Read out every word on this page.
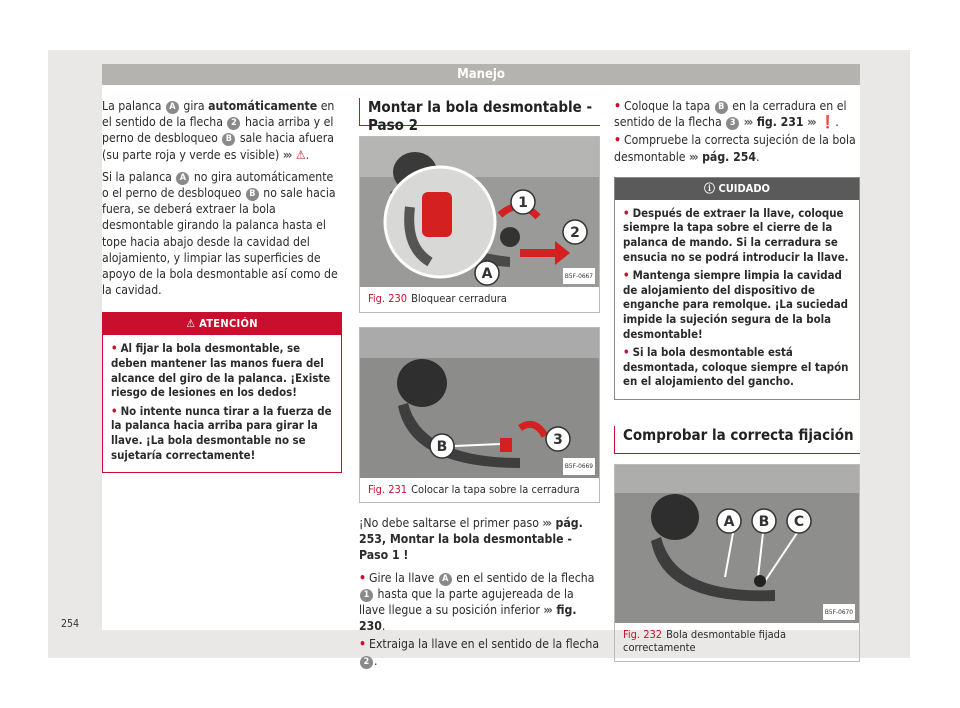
Manejo

La palanca A gira automáticamente en el sentido de la flecha 2 hacia arriba y el perno de desbloqueo B sale hacia afuera (su parte roja y verde es visible) ››› ⚠.

Si la palanca A no gira automáticamente o el perno de desbloqueo B no sale hacia fuera, se deberá extraer la bola desmontable girando la palanca hasta el tope hacia abajo desde la cavidad del alojamiento, y limpiar las superficies de apoyo de la bola desmontable así como de la cavidad.

⚠ ATENCIÓN
• Al fijar la bola desmontable, se deben mantener las manos fuera del alcance del giro de la palanca. ¡Existe riesgo de lesiones en los dedos!
• No intente nunca tirar a la fuerza de la palanca hacia arriba para girar la llave. ¡La bola desmontable no se sujetaría correctamente!
Montar la bola desmontable - Paso 2
1
2
A	B5F-0667
Fig. 230 Bloquear cerradura
B	3
B5F-0669
Fig. 231 Colocar la tapa sobre la cerradura

¡No debe saltarse el primer paso ››› pág. 253, Montar la bola desmontable - Paso 1 !

• Gire la llave A en el sentido de la flecha 1 hasta que la parte agujereada de la llave llegue a su posición inferior ››› fig. 230.

• Extraiga la llave en el sentido de la flecha 2 .

• Coloque la tapa B en la cerradura en el sentido de la flecha 3 ››› fig. 231 ››› ❗.

• Compruebe la correcta sujeción de la bola desmontable ››› pág. 254.

ⓘ CUIDADO
• Después de extraer la llave, coloque siempre la tapa sobre el cierre de la palanca de mando. Si la cerradura se ensucia no se podrá introducir la llave.
• Mantenga siempre limpia la cavidad de alojamiento del dispositivo de enganche para remolque. ¡La suciedad impide la sujeción segura de la bola desmontable!
• Si la bola desmontable está desmontada, coloque siempre el tapón en el alojamiento del gancho.
Comprobar la correcta fijación
A B C
B5F-0670
Fig. 232 Bola desmontable fijada correctamente
254
